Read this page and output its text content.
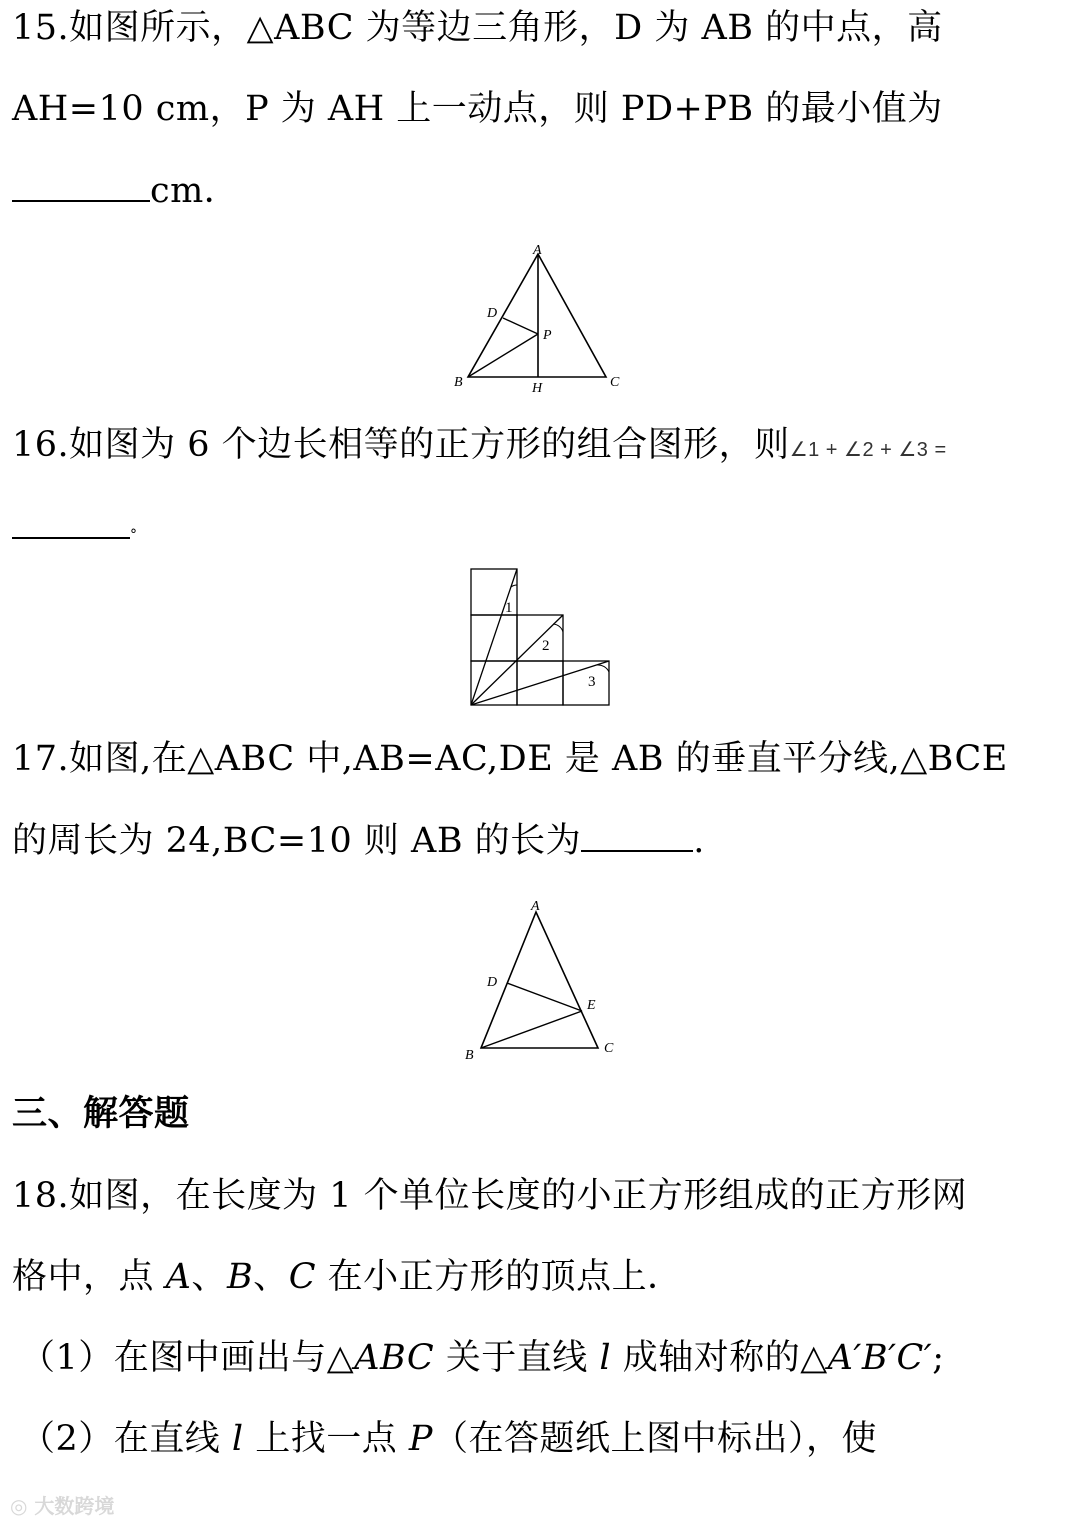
15.如图所示，△ABC 为等边三角形，D 为 AB 的中点，高
AH=10 cm，P 为 AH 上一动点，则 PD+PB 的最小值为
cm．
A
B	C
D
H
P
16.如图为 6 个边长相等的正方形的组合图形，则∠1 + ∠2 + ∠3 =
°
1
2
3
17.如图,在△ABC 中,AB=AC,DE 是 AB 的垂直平分线,△BCE
的周长为 24,BC=10 则 AB 的长为	.
A
B	C
D
E
三、解答题
18.如图，在长度为 1 个单位长度的小正方形组成的正方形网
格中，点 A、B、C 在小正方形的顶点上．
（1）在图中画出与△ABC 关于直线 l 成轴对称的△A′B′C′;
（2）在直线 l 上找一点 P（在答题纸上图中标出），使
◎ 大数跨境
